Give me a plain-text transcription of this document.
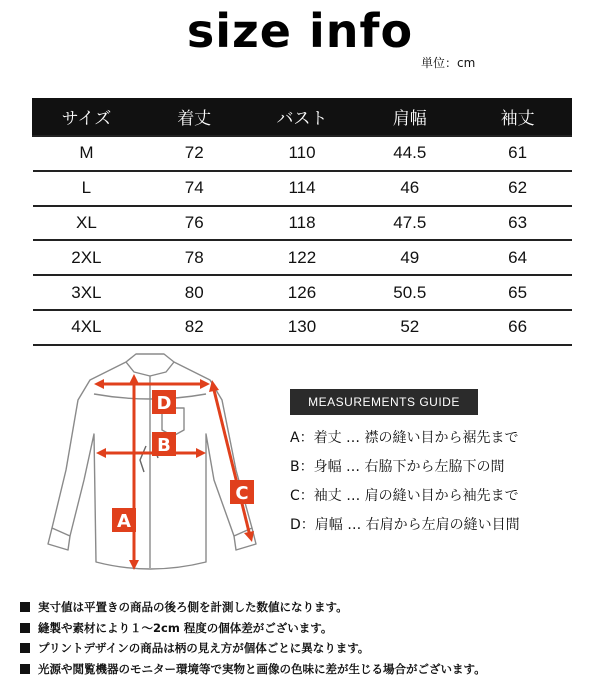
size info
単位：cm
サイズ	着丈	バスト	肩幅	袖丈
M	72	110	44.5	61
L	74	114	46	62
XL	76	118	47.5	63
2XL	78	122	49	64
3XL	80	126	50.5	65
4XL	82	130	52	66
D
B
A
C
MEASUREMENTS GUIDE
A：着丈 … 襟の縫い目から裾先まで
B：身幅 … 右脇下から左脇下の間
C：袖丈 … 肩の縫い目から袖先まで
D：肩幅 … 右肩から左肩の縫い目間
実寸値は平置きの商品の後ろ側を計測した数値になります。
縫製や素材により１～2cm 程度の個体差がございます。
プリントデザインの商品は柄の見え方が個体ごとに異なります。
光源や閲覧機器のモニター環境等で実物と画像の色味に差が生じる場合がございます。
